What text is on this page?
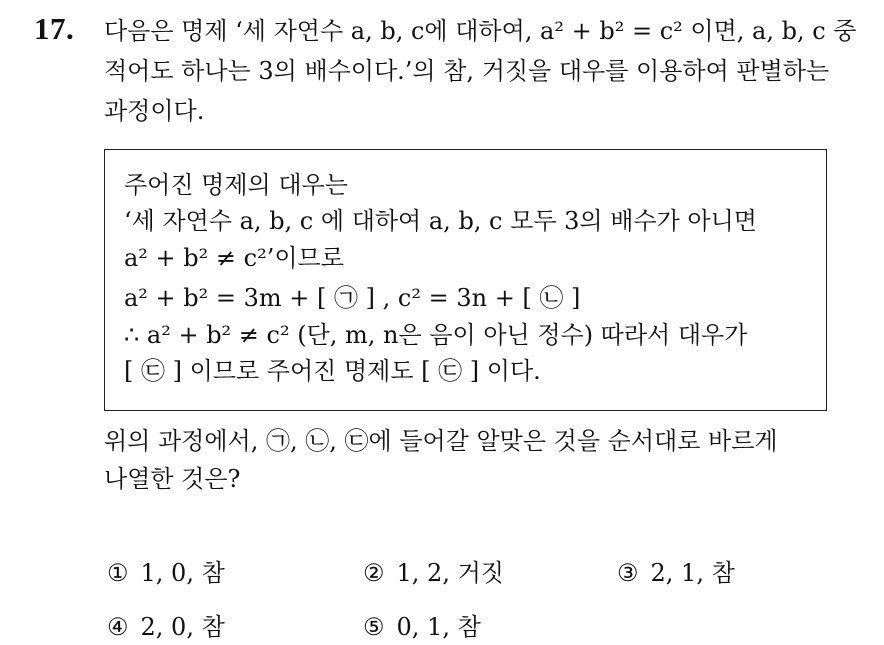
17. 다음은 명제 ‘세 자연수 a, b, c에 대하여, a² + b² = c² 이면, a, b, c 중
적어도 하나는 3의 배수이다.’의 참, 거짓을 대우를 이용하여 판별하는
과정이다.
주어진 명제의 대우는
‘세 자연수 a, b, c 에 대하여 a, b, c 모두 3의 배수가 아니면
a² + b² ≠ c²’이므로
a² + b² = 3m + [ ㉠ ] , c² = 3n + [ ㉡ ]
∴ a² + b² ≠ c² (단, m, n은 음이 아닌 정수) 따라서 대우가
[ ㉢ ] 이므로 주어진 명제도 [ ㉢ ] 이다.
위의 과정에서, ㉠, ㉡, ㉢에 들어갈 알맞은 것을 순서대로 바르게
나열한 것은?
① 1, 0, 참	② 1, 2, 거짓	③ 2, 1, 참
④ 2, 0, 참	⑤ 0, 1, 참
